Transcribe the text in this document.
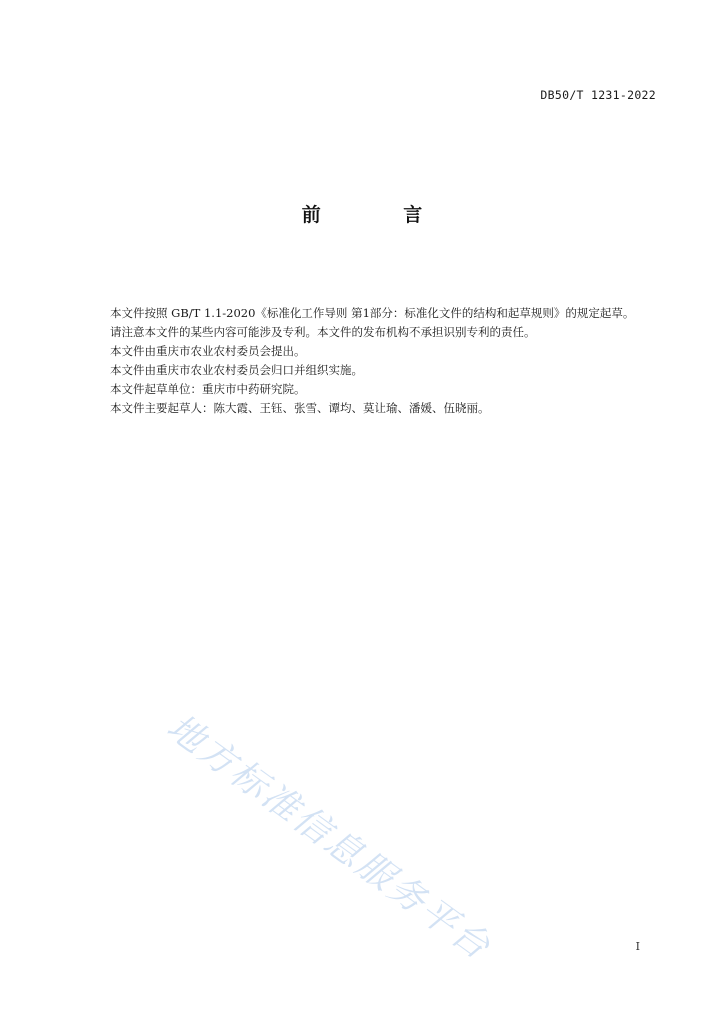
DB50/T 1231-2022
前 言

本文件按照 GB/T 1.1-2020《标准化工作导则 第1部分：标准化文件的结构和起草规则》的规定起草。

请注意本文件的某些内容可能涉及专利。本文件的发布机构不承担识别专利的责任。

本文件由重庆市农业农村委员会提出。

本文件由重庆市农业农村委员会归口并组织实施。

本文件起草单位：重庆市中药研究院。

本文件主要起草人：陈大霞、王钰、张雪、谭均、莫让瑜、潘媛、伍晓丽。

地方标准信息服务平台	I
